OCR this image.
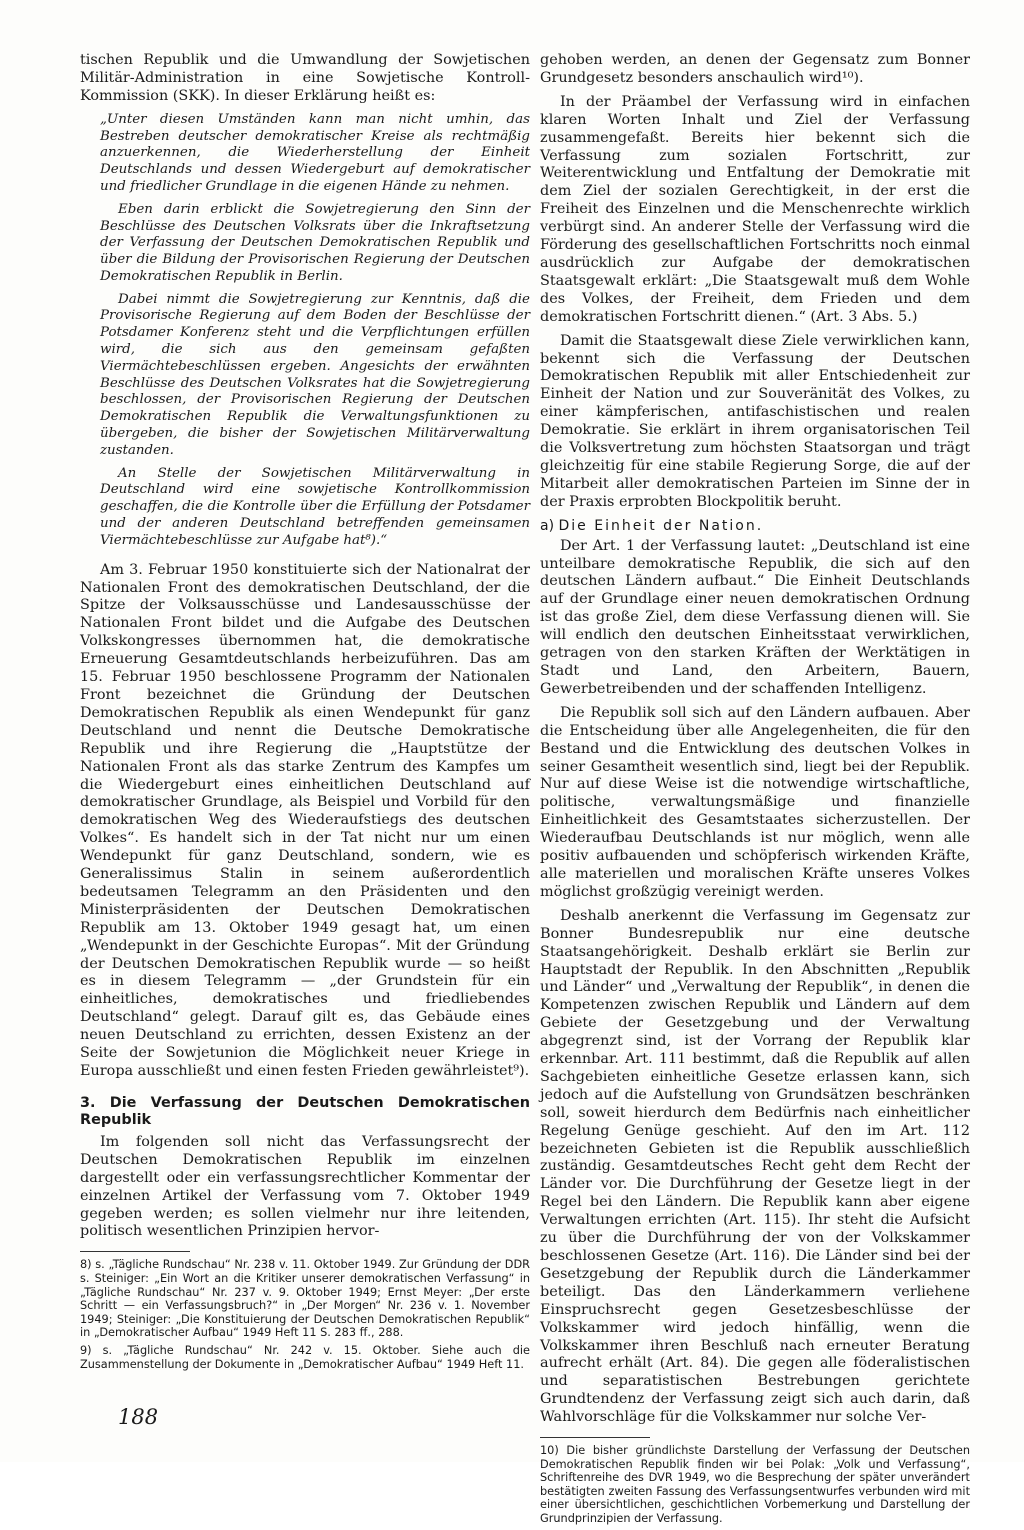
tischen Republik und die Umwandlung der Sowjetischen Militär-Administration in eine Sowjetische Kontroll-Kommission (SKK). In dieser Erklärung heißt es:

„Unter diesen Umständen kann man nicht umhin, das Bestreben deutscher demokratischer Kreise als rechtmäßig anzuerkennen, die Wiederherstellung der Einheit Deutschlands und dessen Wiedergeburt auf demokratischer und friedlicher Grundlage in die eigenen Hände zu nehmen.

Eben darin erblickt die Sowjetregierung den Sinn der Beschlüsse des Deutschen Volksrats über die Inkraftsetzung der Verfassung der Deutschen Demokratischen Republik und über die Bildung der Provisorischen Regierung der Deutschen Demokratischen Republik in Berlin.

Dabei nimmt die Sowjetregierung zur Kenntnis, daß die Provisorische Regierung auf dem Boden der Beschlüsse der Potsdamer Konferenz steht und die Verpflichtungen erfüllen wird, die sich aus den gemeinsam gefaßten Viermächtebeschlüssen ergeben. Angesichts der erwähnten Beschlüsse des Deutschen Volksrates hat die Sowjetregierung beschlossen, der Provisorischen Regierung der Deutschen Demokratischen Republik die Verwaltungsfunktionen zu übergeben, die bisher der Sowjetischen Militärverwaltung zustanden.

An Stelle der Sowjetischen Militärverwaltung in Deutschland wird eine sowjetische Kontrollkommission geschaffen, die die Kontrolle über die Erfüllung der Potsdamer und der anderen Deutschland betreffenden gemeinsamen Viermächtebeschlüsse zur Aufgabe hat⁸).“

Am 3. Februar 1950 konstituierte sich der Nationalrat der Nationalen Front des demokratischen Deutschland, der die Spitze der Volksausschüsse und Landesausschüsse der Nationalen Front bildet und die Aufgabe des Deutschen Volkskongresses übernommen hat, die demokratische Erneuerung Gesamtdeutschlands herbeizuführen. Das am 15. Februar 1950 beschlossene Programm der Nationalen Front bezeichnet die Gründung der Deutschen Demokratischen Republik als einen Wendepunkt für ganz Deutschland und nennt die Deutsche Demokratische Republik und ihre Regierung die „Hauptstütze der Nationalen Front als das starke Zentrum des Kampfes um die Wiedergeburt eines einheitlichen Deutschland auf demokratischer Grundlage, als Beispiel und Vorbild für den demokratischen Weg des Wiederaufstiegs des deutschen Volkes“. Es handelt sich in der Tat nicht nur um einen Wendepunkt für ganz Deutschland, sondern, wie es Generalissimus Stalin in seinem außerordentlich bedeutsamen Telegramm an den Präsidenten und den Ministerpräsidenten der Deutschen Demokratischen Republik am 13. Oktober 1949 gesagt hat, um einen „Wendepunkt in der Geschichte Europas“. Mit der Gründung der Deutschen Demokratischen Republik wurde — so heißt es in diesem Telegramm — „der Grundstein für ein einheitliches, demokratisches und friedliebendes Deutschland“ gelegt. Darauf gilt es, das Gebäude eines neuen Deutschland zu errichten, dessen Existenz an der Seite der Sowjetunion die Möglichkeit neuer Kriege in Europa ausschließt und einen festen Frieden gewährleistet⁹).

3. Die Verfassung der Deutschen Demokratischen Republik

Im folgenden soll nicht das Verfassungsrecht der Deutschen Demokratischen Republik im einzelnen dargestellt oder ein verfassungsrechtlicher Kommentar der einzelnen Artikel der Verfassung vom 7. Oktober 1949 gegeben werden; es sollen vielmehr nur ihre leitenden, politisch wesentlichen Prinzipien hervor-

8) s. „Tägliche Rundschau“ Nr. 238 v. 11. Oktober 1949. Zur Gründung der DDR s. Steiniger: „Ein Wort an die Kritiker unserer demokratischen Verfassung“ in „Tägliche Rundschau“ Nr. 237 v. 9. Oktober 1949; Ernst Meyer: „Der erste Schritt — ein Verfassungsbruch?“ in „Der Morgen“ Nr. 236 v. 1. November 1949; Steiniger: „Die Konstituierung der Deutschen Demokratischen Republik“ in „Demokratischer Aufbau“ 1949 Heft 11 S. 283 ff., 288.

9) s. „Tägliche Rundschau“ Nr. 242 v. 15. Oktober. Siehe auch die Zusammenstellung der Dokumente in „Demokratischer Aufbau“ 1949 Heft 11.

gehoben werden, an denen der Gegensatz zum Bonner Grundgesetz besonders anschaulich wird¹⁰).

In der Präambel der Verfassung wird in einfachen klaren Worten Inhalt und Ziel der Verfassung zusammengefaßt. Bereits hier bekennt sich die Verfassung zum sozialen Fortschritt, zur Weiterentwicklung und Entfaltung der Demokratie mit dem Ziel der sozialen Gerechtigkeit, in der erst die Freiheit des Einzelnen und die Menschenrechte wirklich verbürgt sind. An anderer Stelle der Verfassung wird die Förderung des gesellschaftlichen Fortschritts noch einmal ausdrücklich zur Aufgabe der demokratischen Staatsgewalt erklärt: „Die Staatsgewalt muß dem Wohle des Volkes, der Freiheit, dem Frieden und dem demokratischen Fortschritt dienen.“ (Art. 3 Abs. 5.)

Damit die Staatsgewalt diese Ziele verwirklichen kann, bekennt sich die Verfassung der Deutschen Demokratischen Republik mit aller Entschiedenheit zur Einheit der Nation und zur Souveränität des Volkes, zu einer kämpferischen, antifaschistischen und realen Demokratie. Sie erklärt in ihrem organisatorischen Teil die Volksvertretung zum höchsten Staatsorgan und trägt gleichzeitig für eine stabile Regierung Sorge, die auf der Mitarbeit aller demokratischen Parteien im Sinne der in der Praxis erprobten Blockpolitik beruht.

a) Die Einheit der Nation.

Der Art. 1 der Verfassung lautet: „Deutschland ist eine unteilbare demokratische Republik, die sich auf den deutschen Ländern aufbaut.“ Die Einheit Deutschlands auf der Grundlage einer neuen demokratischen Ordnung ist das große Ziel, dem diese Verfassung dienen will. Sie will endlich den deutschen Einheitsstaat verwirklichen, getragen von den starken Kräften der Werktätigen in Stadt und Land, den Arbeitern, Bauern, Gewerbetreibenden und der schaffenden Intelligenz.

Die Republik soll sich auf den Ländern aufbauen. Aber die Entscheidung über alle Angelegenheiten, die für den Bestand und die Entwicklung des deutschen Volkes in seiner Gesamtheit wesentlich sind, liegt bei der Republik. Nur auf diese Weise ist die notwendige wirtschaftliche, politische, verwaltungsmäßige und finanzielle Einheitlichkeit des Gesamtstaates sicherzustellen. Der Wiederaufbau Deutschlands ist nur möglich, wenn alle positiv aufbauenden und schöpferisch wirkenden Kräfte, alle materiellen und moralischen Kräfte unseres Volkes möglichst großzügig vereinigt werden.

Deshalb anerkennt die Verfassung im Gegensatz zur Bonner Bundesrepublik nur eine deutsche Staatsangehörigkeit. Deshalb erklärt sie Berlin zur Hauptstadt der Republik. In den Abschnitten „Republik und Länder“ und „Verwaltung der Republik“, in denen die Kompetenzen zwischen Republik und Ländern auf dem Gebiete der Gesetzgebung und der Verwaltung abgegrenzt sind, ist der Vorrang der Republik klar erkennbar. Art. 111 bestimmt, daß die Republik auf allen Sachgebieten einheitliche Gesetze erlassen kann, sich jedoch auf die Aufstellung von Grundsätzen beschränken soll, soweit hierdurch dem Bedürfnis nach einheitlicher Regelung Genüge geschieht. Auf den im Art. 112 bezeichneten Gebieten ist die Republik ausschließlich zuständig. Gesamtdeutsches Recht geht dem Recht der Länder vor. Die Durchführung der Gesetze liegt in der Regel bei den Ländern. Die Republik kann aber eigene Verwaltungen errichten (Art. 115). Ihr steht die Aufsicht zu über die Durchführung der von der Volkskammer beschlossenen Gesetze (Art. 116). Die Länder sind bei der Gesetzgebung der Republik durch die Länderkammer beteiligt. Das den Länderkammern verliehene Einspruchsrecht gegen Gesetzesbeschlüsse der Volkskammer wird jedoch hinfällig, wenn die Volkskammer ihren Beschluß nach erneuter Beratung aufrecht erhält (Art. 84). Die gegen alle föderalistischen und separatistischen Bestrebungen gerichtete Grundtendenz der Verfassung zeigt sich auch darin, daß Wahlvorschläge für die Volkskammer nur solche Ver-

10) Die bisher gründlichste Darstellung der Verfassung der Deutschen Demokratischen Republik finden wir bei Polak: „Volk und Verfassung“, Schriftenreihe des DVR 1949, wo die Besprechung der später unverändert bestätigten zweiten Fassung des Verfassungsentwurfes verbunden wird mit einer übersichtlichen, geschichtlichen Vorbemerkung und Darstellung der Grundprinzipien der Verfassung.

188
